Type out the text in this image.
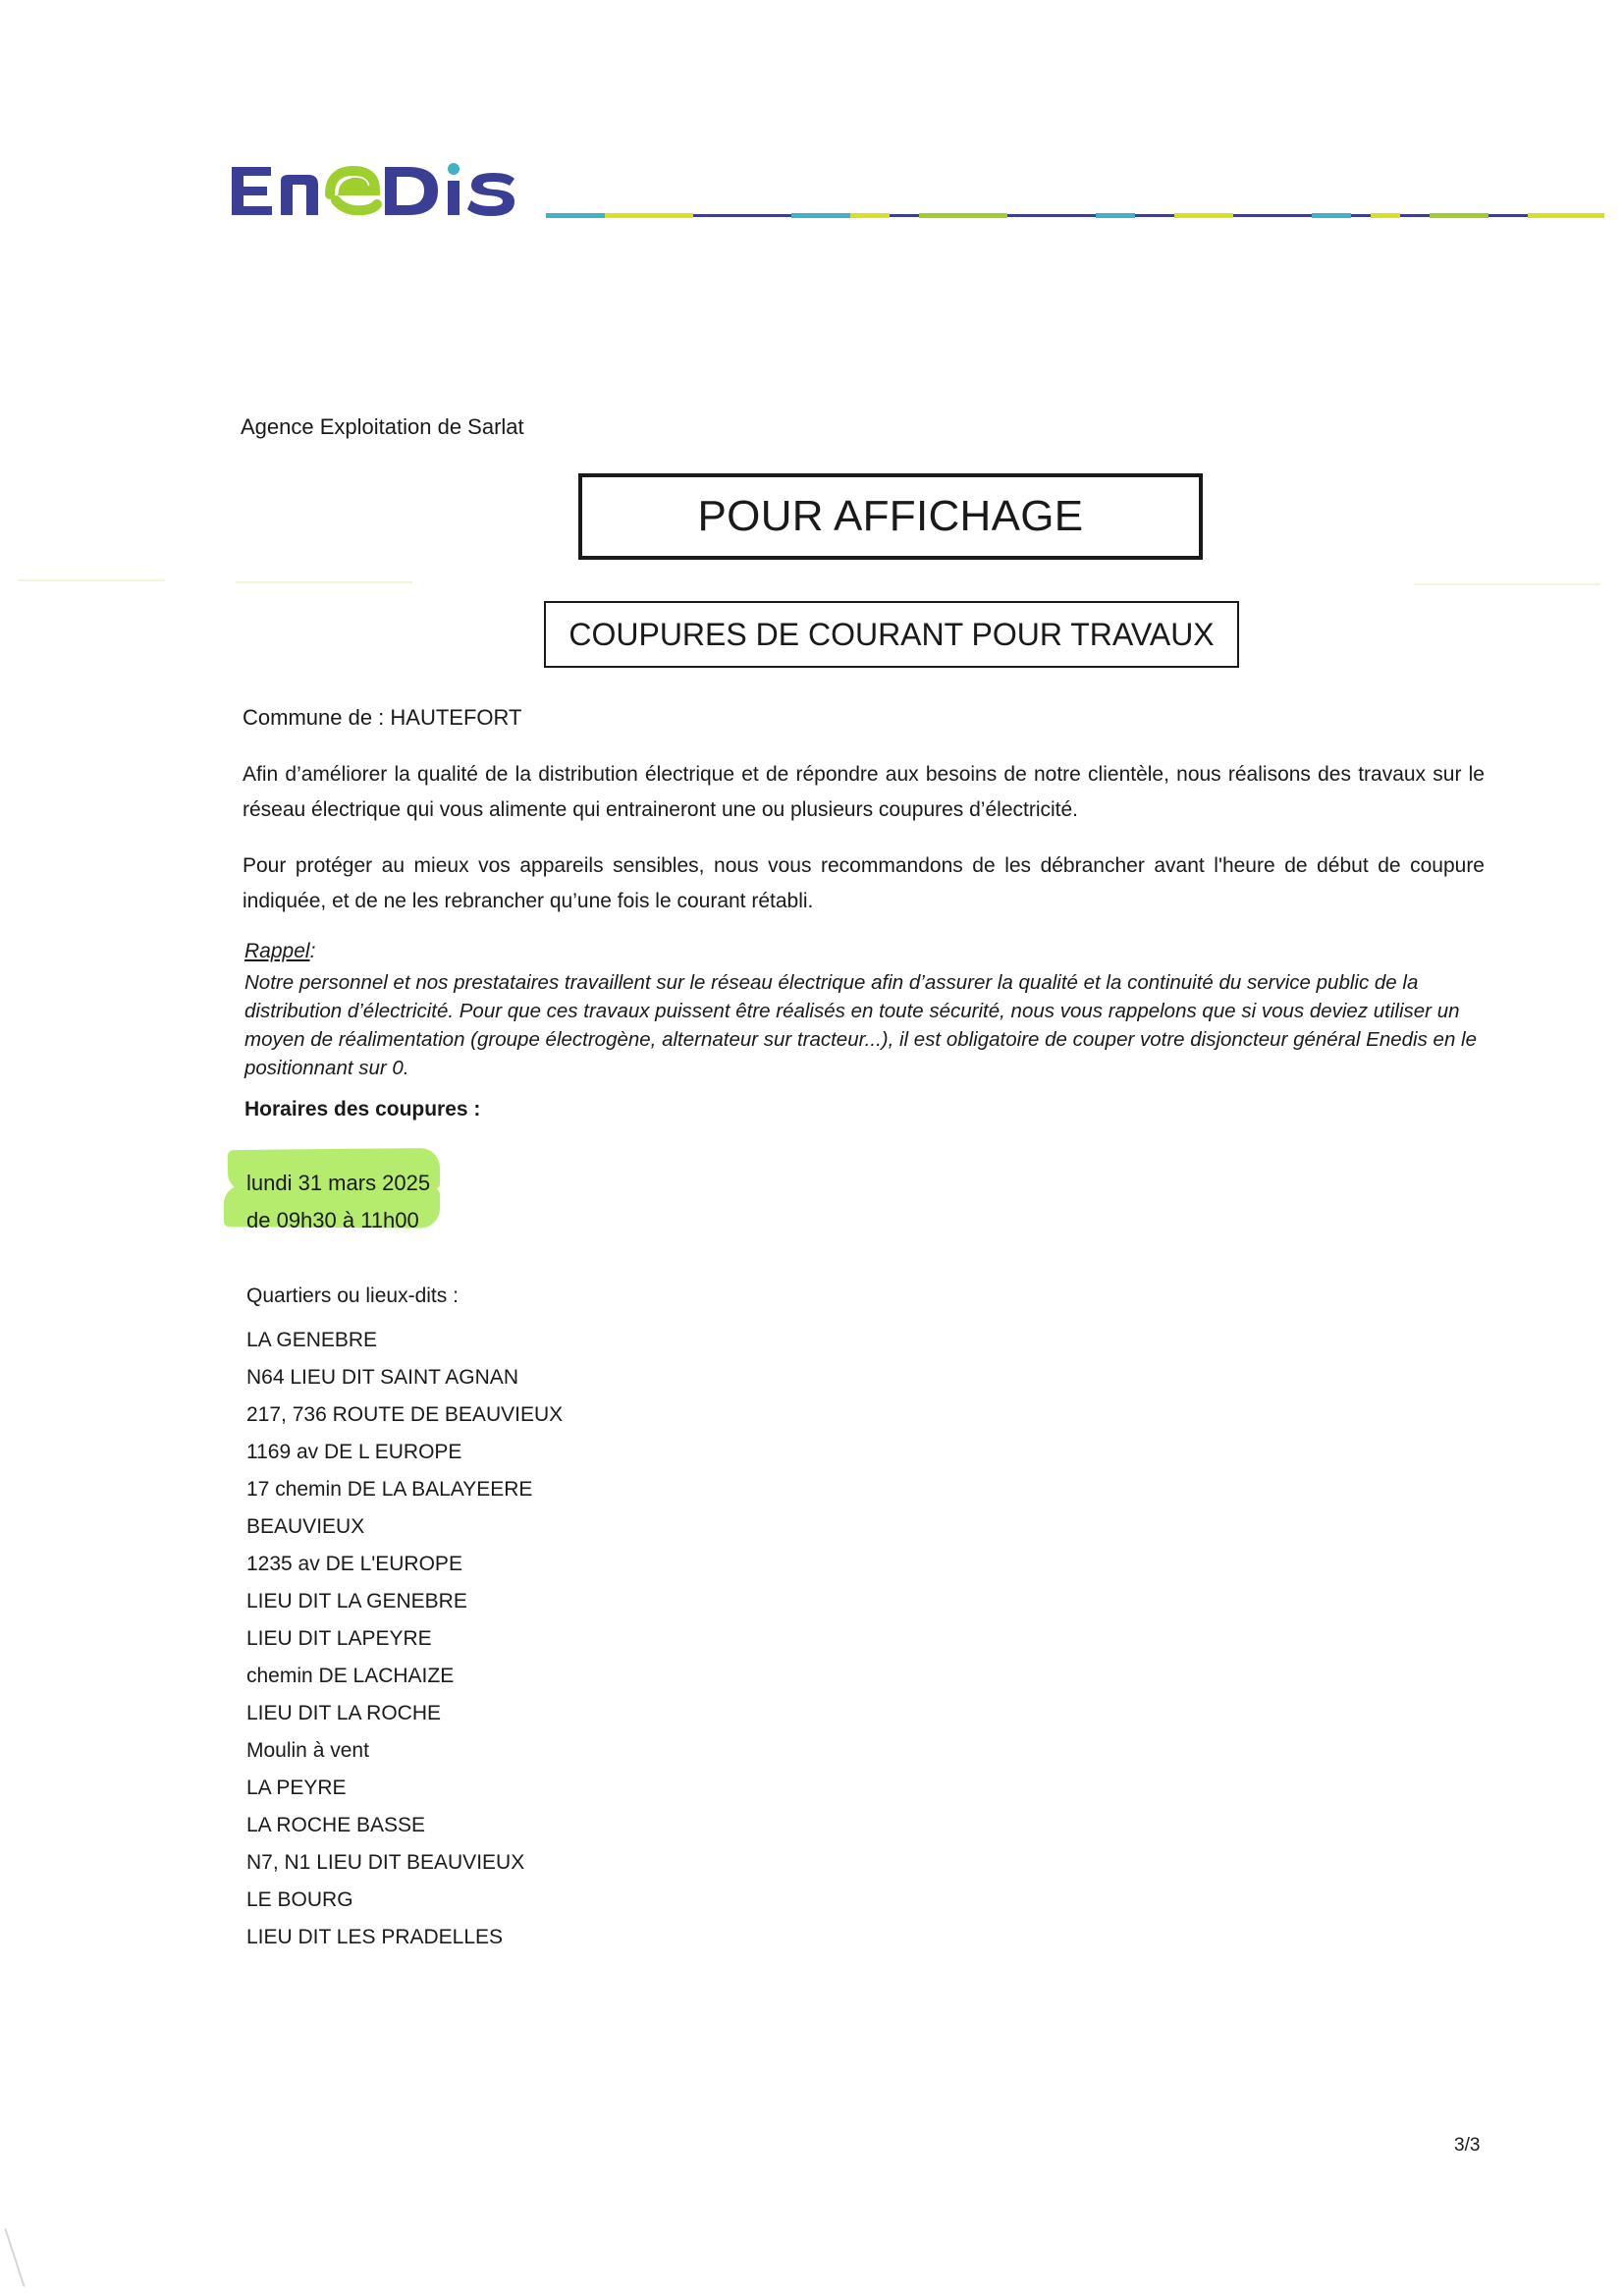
Agence Exploitation de Sarlat
POUR AFFICHAGE
COUPURES DE COURANT POUR TRAVAUX
Commune de : HAUTEFORT
Afin d’améliorer la qualité de la distribution électrique et de répondre aux besoins de notre clientèle, nous réalisons des travaux sur le réseau électrique qui vous alimente qui entraineront une ou plusieurs coupures d’électricité.
Pour protéger au mieux vos appareils sensibles, nous vous recommandons de les débrancher avant l'heure de début de coupure indiquée, et de ne les rebrancher qu’une fois le courant rétabli.
Rappel:
Notre personnel et nos prestataires travaillent sur le réseau électrique afin d’assurer la qualité et la continuité du service public de la distribution d’électricité. Pour que ces travaux puissent être réalisés en toute sécurité, nous vous rappelons que si vous deviez utiliser un moyen de réalimentation (groupe électrogène, alternateur sur tracteur...), il est obligatoire de couper votre disjoncteur général Enedis en le positionnant sur 0.
Horaires des coupures :
lundi 31 mars 2025
de 09h30 à 11h00
Quartiers ou lieux-dits :
LA GENEBRE
N64 LIEU DIT SAINT AGNAN
217, 736 ROUTE DE BEAUVIEUX
1169 av DE L EUROPE
17 chemin DE LA BALAYEERE
BEAUVIEUX
1235 av DE L'EUROPE
LIEU DIT LA GENEBRE
LIEU DIT LAPEYRE
chemin DE LACHAIZE
LIEU DIT LA ROCHE
Moulin à vent
LA PEYRE
LA ROCHE BASSE
N7, N1 LIEU DIT BEAUVIEUX
LE BOURG
LIEU DIT LES PRADELLES
3/3
